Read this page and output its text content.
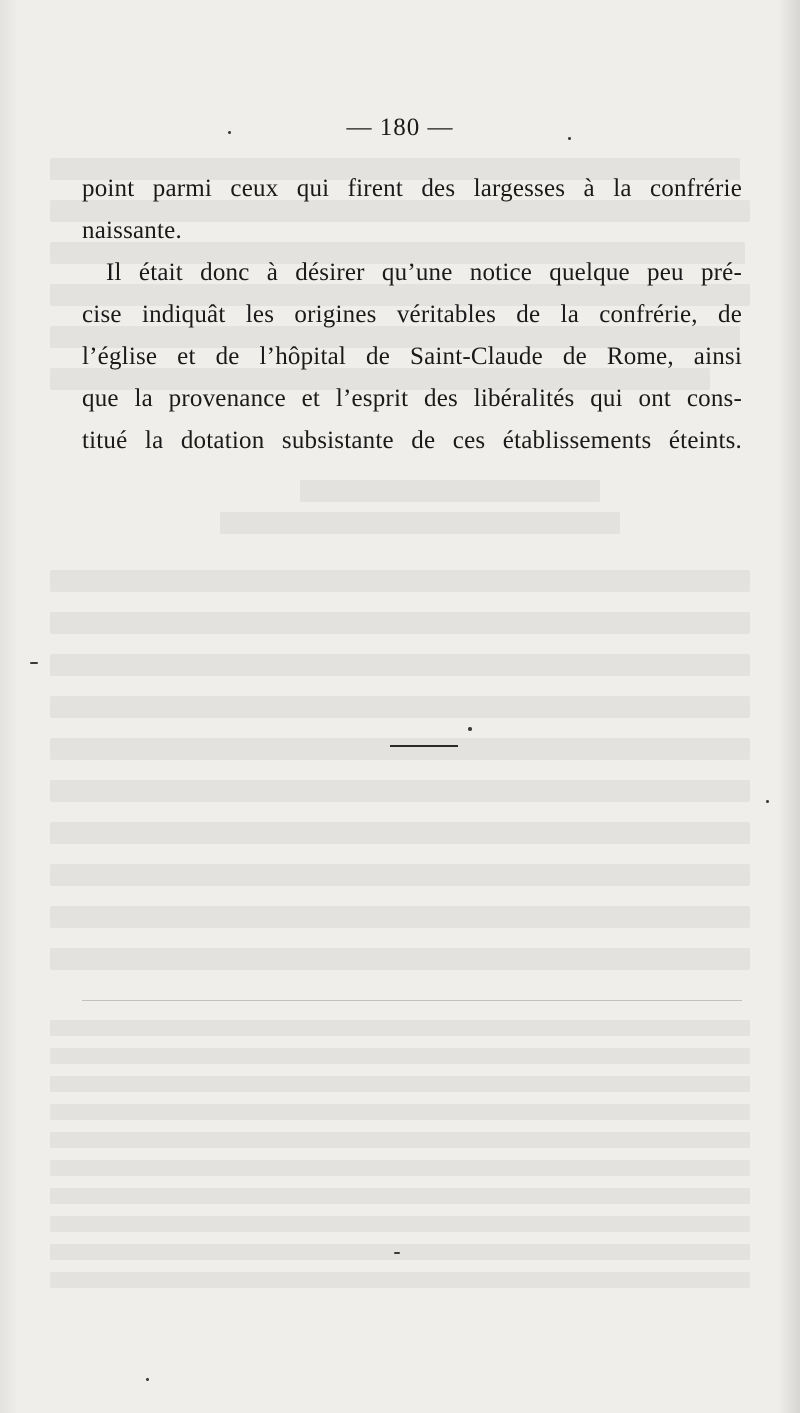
— 180 —
point parmi ceux qui firent des largesses à la confrérie
naissante.
Il était donc à désirer qu’une notice quelque peu pré-
cise indiquât les origines véritables de la confrérie, de
l’église et de l’hôpital de Saint-Claude de Rome, ainsi
que la provenance et l’esprit des libéralités qui ont cons-
titué la dotation subsistante de ces établissements éteints.
